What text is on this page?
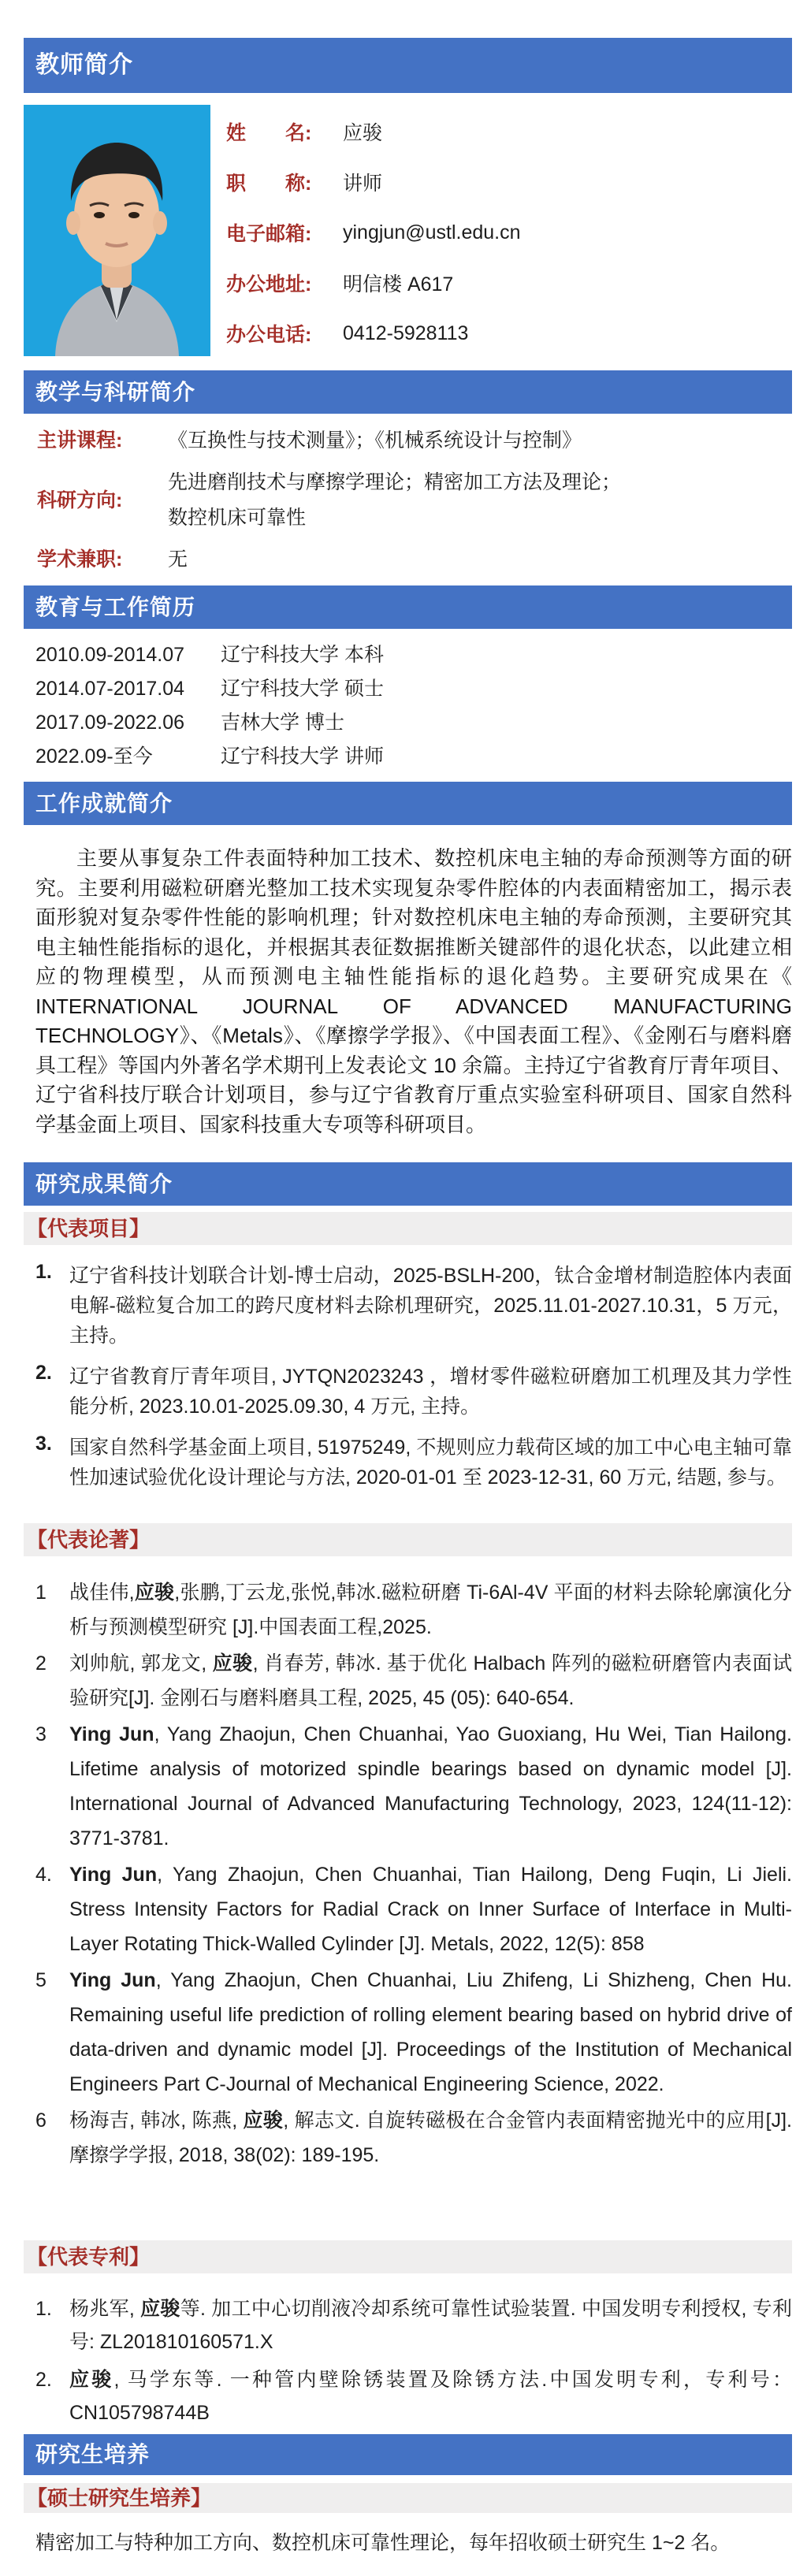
教师简介
姓　　名:	应骏
职　　称:	讲师
电子邮箱:	yingjun@ustl.edu.cn
办公地址:	明信楼 A617
办公电话:	0412-5928113
教学与科研简介
主讲课程:	《互换性与技术测量》；《机械系统设计与控制》
科研方向:
先进磨削技术与摩擦学理论；精密加工方法及理论；
数控机床可靠性
学术兼职:	无
教育与工作简历
2010.09-2014.07	辽宁科技大学 本科
2014.07-2017.04	辽宁科技大学 硕士
2017.09-2022.06	吉林大学 博士
2022.09-至今	辽宁科技大学 讲师
工作成就简介

主要从事复杂工件表面特种加工技术、数控机床电主轴的寿命预测等方面的研究。主要利用磁粒研磨光整加工技术实现复杂零件腔体的内表面精密加工，揭示表面形貌对复杂零件性能的影响机理；针对数控机床电主轴的寿命预测，主要研究其电主轴性能指标的退化，并根据其表征数据推断关键部件的退化状态，以此建立相应的物理模型，从而预测电主轴性能指标的退化趋势。主要研究成果在《 INTERNATIONAL JOURNAL OF ADVANCED MANUFACTURING TECHNOLOGY》、《Metals》、《摩擦学学报》、《中国表面工程》、《金刚石与磨料磨具工程》等国内外著名学术期刊上发表论文 10 余篇。主持辽宁省教育厅青年项目、辽宁省科技厅联合计划项目，参与辽宁省教育厅重点实验室科研项目、国家自然科学基金面上项目、国家科技重大专项等科研项目。

研究成果简介
【代表项目】
1. 辽宁省科技计划联合计划-博士启动，2025-BSLH-200，钛合金增材制造腔体内表面电解-磁粒复合加工的跨尺度材料去除机理研究，2025.11.01-2027.10.31，5 万元，主持。
2. 辽宁省教育厅青年项目, JYTQN2023243 ，增材零件磁粒研磨加工机理及其力学性能分析, 2023.10.01-2025.09.30, 4 万元, 主持。
3. 国家自然科学基金面上项目, 51975249, 不规则应力载荷区域的加工中心电主轴可靠性加速试验优化设计理论与方法, 2020-01-01 至 2023-12-31, 60 万元, 结题, 参与。
【代表论著】
1	战佳伟,应骏,张鹏,丁云龙,张悦,韩冰.磁粒研磨 Ti-6Al-4V 平面的材料去除轮廓演化分析与预测模型研究 [J].中国表面工程,2025.
2	刘帅航, 郭龙文, 应骏, 肖春芳, 韩冰. 基于优化 Halbach 阵列的磁粒研磨管内表面试验研究[J]. 金刚石与磨料磨具工程, 2025, 45 (05): 640-654.
3	Ying Jun, Yang Zhaojun, Chen Chuanhai, Yao Guoxiang, Hu Wei, Tian Hailong. Lifetime analysis of motorized spindle bearings based on dynamic model [J]. International Journal of Advanced Manufacturing Technology, 2023, 124(11-12): 3771-3781.
4. Ying Jun, Yang Zhaojun, Chen Chuanhai, Tian Hailong, Deng Fuqin, Li Jieli. Stress Intensity Factors for Radial Crack on Inner Surface of Interface in Multi-Layer Rotating Thick-Walled Cylinder [J]. Metals, 2022, 12(5): 858
5	Ying Jun, Yang Zhaojun, Chen Chuanhai, Liu Zhifeng, Li Shizheng, Chen Hu. Remaining useful life prediction of rolling element bearing based on hybrid drive of data-driven and dynamic model [J]. Proceedings of the Institution of Mechanical Engineers Part C-Journal of Mechanical Engineering Science, 2022.
6	杨海吉, 韩冰, 陈燕, 应骏, 解志文. 自旋转磁极在合金管内表面精密抛光中的应用[J]. 摩擦学学报, 2018, 38(02): 189-195.
【代表专利】
1. 杨兆军, 应骏等. 加工中心切削液冷却系统可靠性试验装置. 中国发明专利授权, 专利号: ZL201810160571.X
2. 应骏, 马学东等. 一种管内壁除锈装置及除锈方法.中国发明专利，专利号：CN105798744B
研究生培养
【硕士研究生培养】

精密加工与特种加工方向、数控机床可靠性理论，每年招收硕士研究生 1~2 名。
